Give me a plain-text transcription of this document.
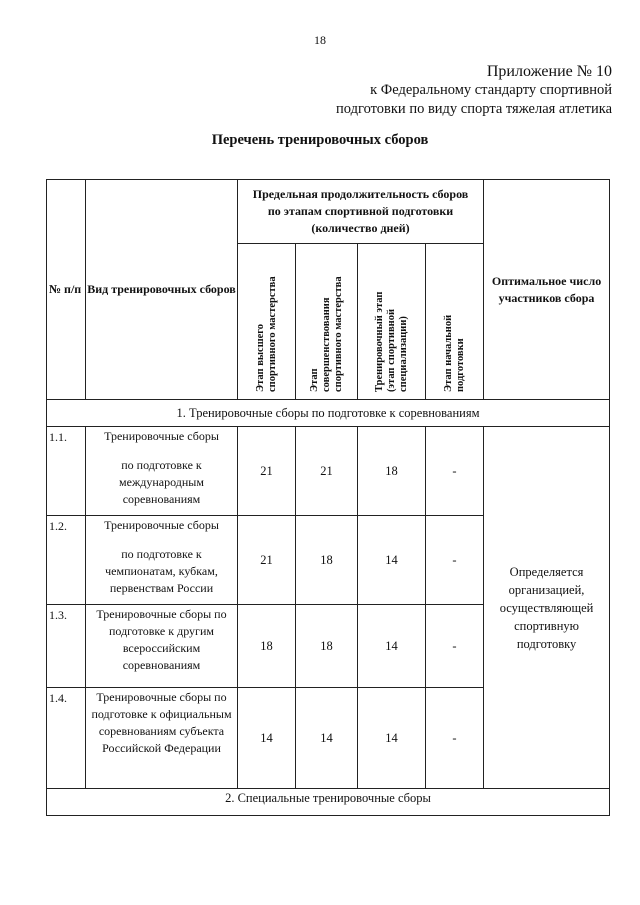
18
Приложение № 10
к Федеральному стандарту спортивной
подготовки по виду спорта тяжелая атлетика
Перечень тренировочных сборов
№ п/п	Вид тренировочных сборов	Предельная продолжительность сборов по этапам спортивной подготовки (количество дней)				Оптимальное число участников сбора
		Этап высшего
спортивного мастерства	Этап
совершенствования
спортивного мастерства	Тренировочный этап
(этап спортивной
специализации)	Этап начальной
подготовки	
1. Тренировочные сборы по подготовке к соревнованиям						
1.1.	Тренировочные сборы
по подготовке к международным соревнованиям	21	21	18	-	Определяется организацией, осуществляющей спортивную подготовку
1.2.	Тренировочные сборы
по подготовке к чемпионатам, кубкам, первенствам России	21	18	14	-	
1.3.	Тренировочные сборы по подготовке к другим всероссийским соревнованиям	18	18	14	-	
1.4.	Тренировочные сборы по подготовке к официальным соревнованиям субъекта Российской Федерации	14	14	14	-	
2. Специальные тренировочные сборы						
